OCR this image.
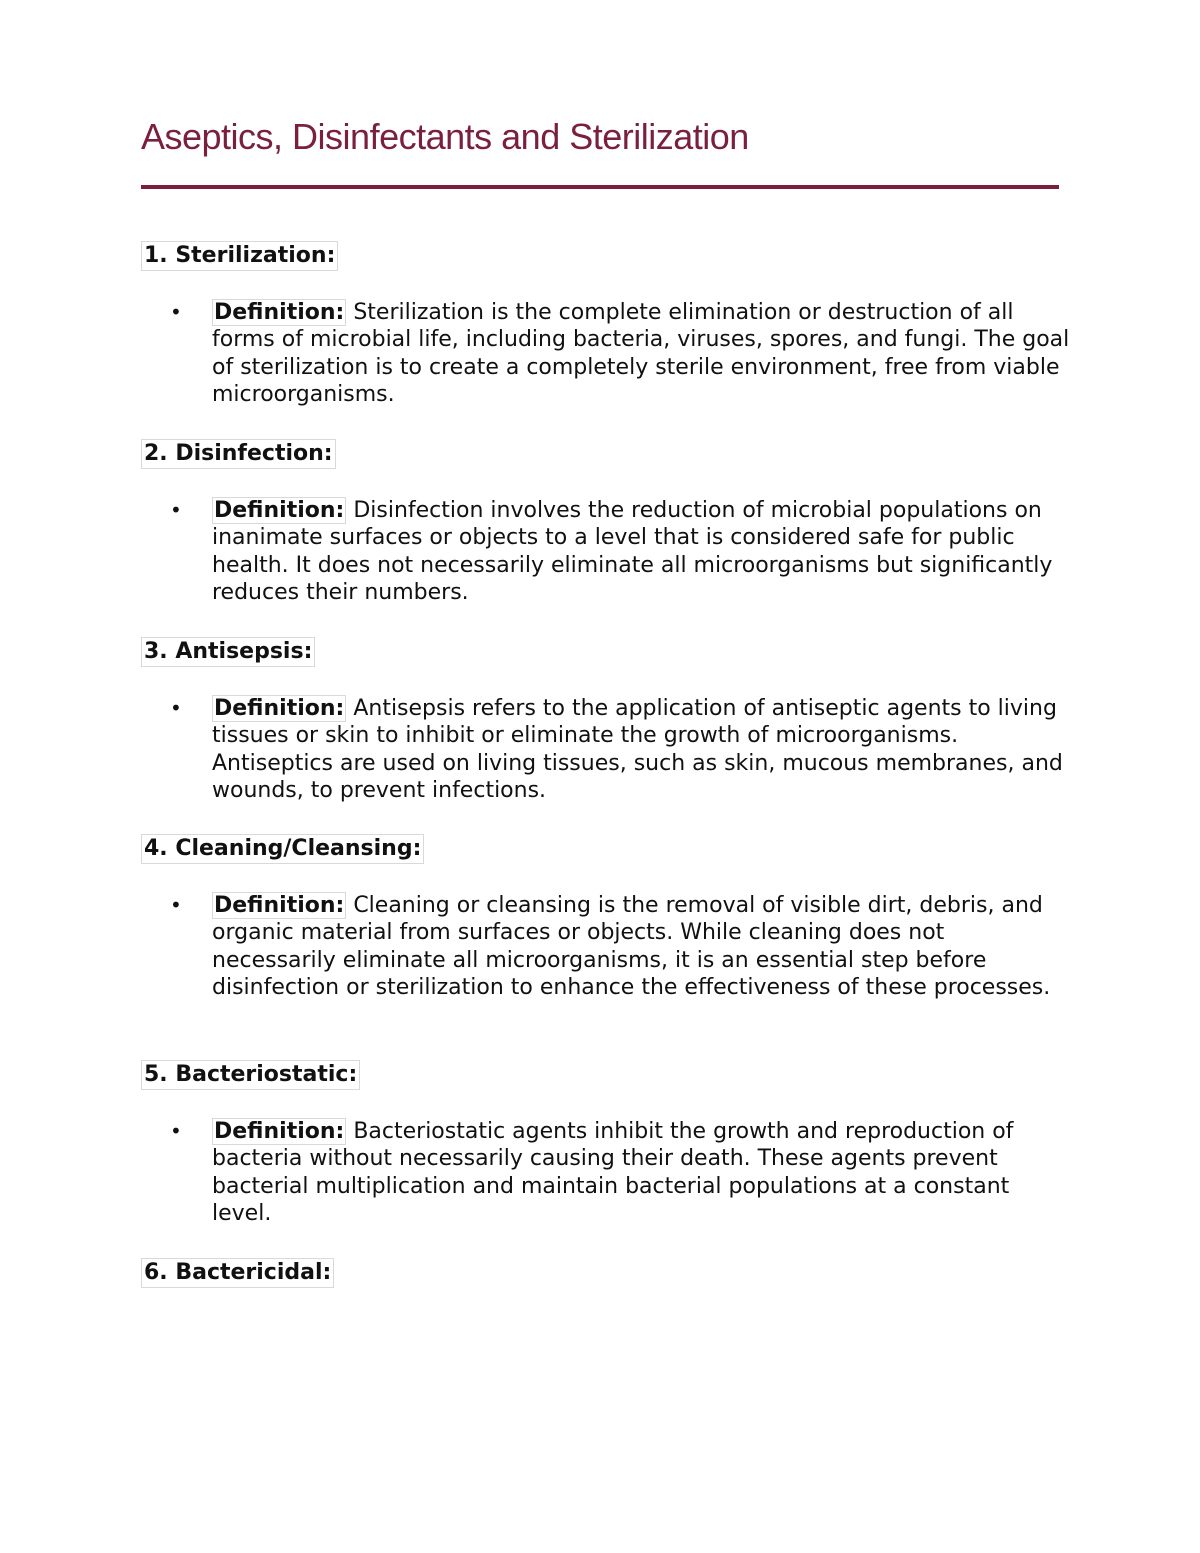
Aseptics, Disinfectants and Sterilization
1. Sterilization:
• Definition: Sterilization is the complete elimination or destruction of all forms of microbial life, including bacteria, viruses, spores, and fungi. The goal of sterilization is to create a completely sterile environment, free from viable microorganisms.
2. Disinfection:
• Definition: Disinfection involves the reduction of microbial populations on inanimate surfaces or objects to a level that is considered safe for public health. It does not necessarily eliminate all microorganisms but significantly reduces their numbers.
3. Antisepsis:
• Definition: Antisepsis refers to the application of antiseptic agents to living tissues or skin to inhibit or eliminate the growth of microorganisms. Antiseptics are used on living tissues, such as skin, mucous membranes, and wounds, to prevent infections.
4. Cleaning/Cleansing:
• Definition: Cleaning or cleansing is the removal of visible dirt, debris, and organic material from surfaces or objects. While cleaning does not necessarily eliminate all microorganisms, it is an essential step before disinfection or sterilization to enhance the effectiveness of these processes.
5. Bacteriostatic:
• Definition: Bacteriostatic agents inhibit the growth and reproduction of bacteria without necessarily causing their death. These agents prevent bacterial multiplication and maintain bacterial populations at a constant level.
6. Bactericidal:
